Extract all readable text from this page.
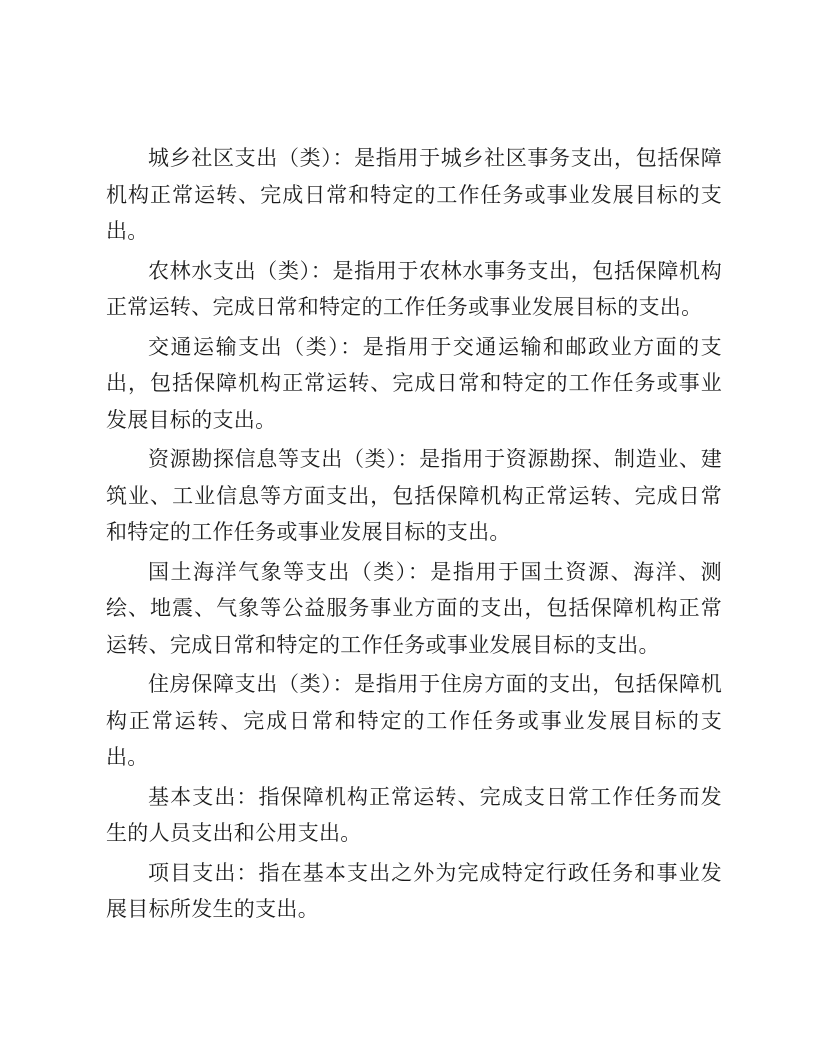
城乡社区支出（类）：是指用于城乡社区事务支出，包括保障机构正常运转、完成日常和特定的工作任务或事业发展目标的支出。

农林水支出（类）：是指用于农林水事务支出，包括保障机构正常运转、完成日常和特定的工作任务或事业发展目标的支出。

交通运输支出（类）：是指用于交通运输和邮政业方面的支出，包括保障机构正常运转、完成日常和特定的工作任务或事业发展目标的支出。

资源勘探信息等支出（类）：是指用于资源勘探、制造业、建筑业、工业信息等方面支出，包括保障机构正常运转、完成日常和特定的工作任务或事业发展目标的支出。

国土海洋气象等支出（类）：是指用于国土资源、海洋、测绘、地震、气象等公益服务事业方面的支出，包括保障机构正常运转、完成日常和特定的工作任务或事业发展目标的支出。

住房保障支出（类）：是指用于住房方面的支出，包括保障机构正常运转、完成日常和特定的工作任务或事业发展目标的支出。

基本支出：指保障机构正常运转、完成支日常工作任务而发生的人员支出和公用支出。

项目支出：指在基本支出之外为完成特定行政任务和事业发展目标所发生的支出。
